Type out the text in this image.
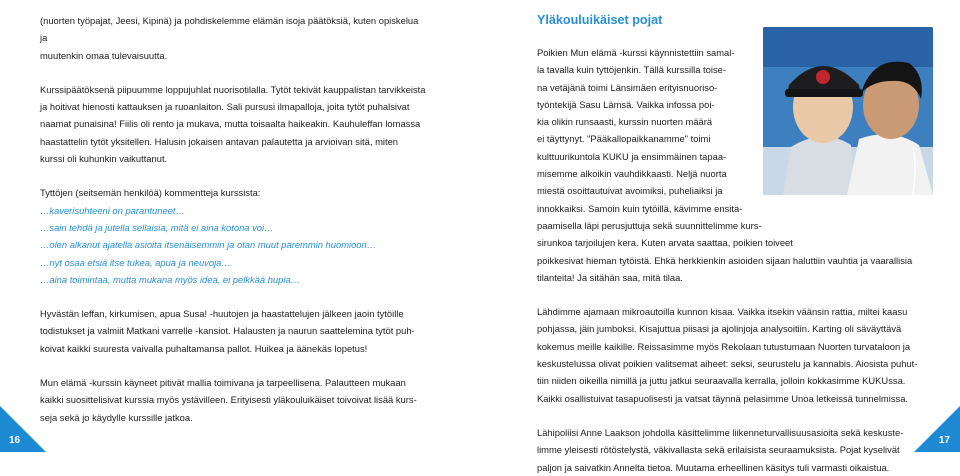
(nuorten työpajat, Jeesi, Kipinä) ja pohdiskelemme elämän isoja päätöksiä, kuten opiskelua ja
muutenkin omaa tulevaisuutta.

Kurssipäätöksenä piipuumme loppujuhlat nuorisotilalla. Tytöt tekivät kauppalistan tarvikkeista
ja hoitivat hienosti kattauksen ja ruoanlaiton. Sali pursusi ilmapalloja, joita tytöt puhalsivat
naamat punaisina! Fiilis oli rento ja mukava, mutta toisaalta haikeakin. Kauhuleffan lomassa
haastattelin tytöt yksitellen. Halusin jokaisen antavan palautetta ja arvioivan sitä, miten
kurssi oli kuhunkin vaikuttanut.

Tyttöjen (seitsemän henkilöä) kommentteja kurssista:

…kaverisuhteeni on parantuneet…
…sain tehdä ja jutella sellaisia, mitä ei aina kotona voi…
…olen alkanut ajatella asioita itsenäisemmin ja otan muut paremmin huomioon…
…nyt osaa etsiä itse tukea, apua ja neuvoja…
…aina toimintaa, mutta mukana myös idea, ei pelkkää hupia…

Hyvästän leffan, kirkumisen, apua Susa! -huutojen ja haastattelujen jälkeen jaoin tytöille
todistukset ja valmiit Matkani varrelle -kansiot. Halausten ja naurun saattelemina tytöt puh-
koivat kaikki suuresta vaivalla puhaltamansa pallot. Huikea ja äänekäs lopetus!

Mun elämä -kurssin käyneet pitivät mallia toimivana ja tarpeellisena. Palautteen mukaan
kaikki suosittelisivat kurssia myös ystävilleen. Erityisesti yläkouluikäiset toivoivat lisää kurs-
seja sekä jo käydylle kurssille jatkoa.

16
Yläkouluikäiset pojat

Poikien Mun elämä -kurssi käynnistettiin samal-
la tavalla kuin tyttöjenkin. Tällä kurssilla toise-
na vetäjänä toimi Länsimäen erityisnuoriso-
työntekijä Sasu Lämsä. Vaikka infossa poi-
kia olikin runsaasti, kurssin nuorten määrä
ei täyttynyt. "Pääkallopaikkanamme" toimi
kulttuurikuntola KUKU ja ensimmäinen tapaa-
misemme alkoikin vauhdikkaasti. Neljä nuorta
miestä osoittautuivat avoimiksi, puheliaiksi ja
innokkaiksi. Samoin kuin tytöillä, kävimme ensita-
paamisella läpi perusjuttuja sekä suunnittelimme kurs-

sirunkoa tarjoilujen kera. Kuten arvata saattaa, poikien toiveet
poikkesivat hieman tytöistä. Ehkä herkkienkin asioiden sijaan haluttiin vauhtia ja vaarallisia
tilanteita! Ja sitähän saa, mitä tilaa.

Lähdimme ajamaan mikroautoilla kunnon kisaa. Vaikka itsekin väänsin rattia, miltei kaasu
pohjassa, jäin jumboksi. Kisajuttua piisasi ja ajolinjoja analysoitiin. Karting oli säväyttävä
kokemus meille kaikille. Reissasimme myös Rekolaan tutustumaan Nuorten turvataloon ja
keskustelussa olivat poikien valitsemat aiheet: seksi, seurustelu ja kannabis. Aiosista puhut-
tiin niiden oikeilla nimillä ja juttu jatkui seuraavalla kerralla, jolloin kokkasimme KUKUssa.
Kaikki osallistuivat tasapuolisesti ja vatsat täynnä pelasimme Unoa letkeissä tunnelmissa.

Lähipoliisi Anne Laakson johdolla käsittelimme liikenneturvallisuusasioita sekä keskuste-
limme yleisesti rötöstelystä, väkivallasta sekä erilaisista seuraamuksista. Pojat kyselivät
paljon ja saivatkin Annelta tietoa. Muutama erheellinen käsitys tuli varmasti oikaistua.

17
